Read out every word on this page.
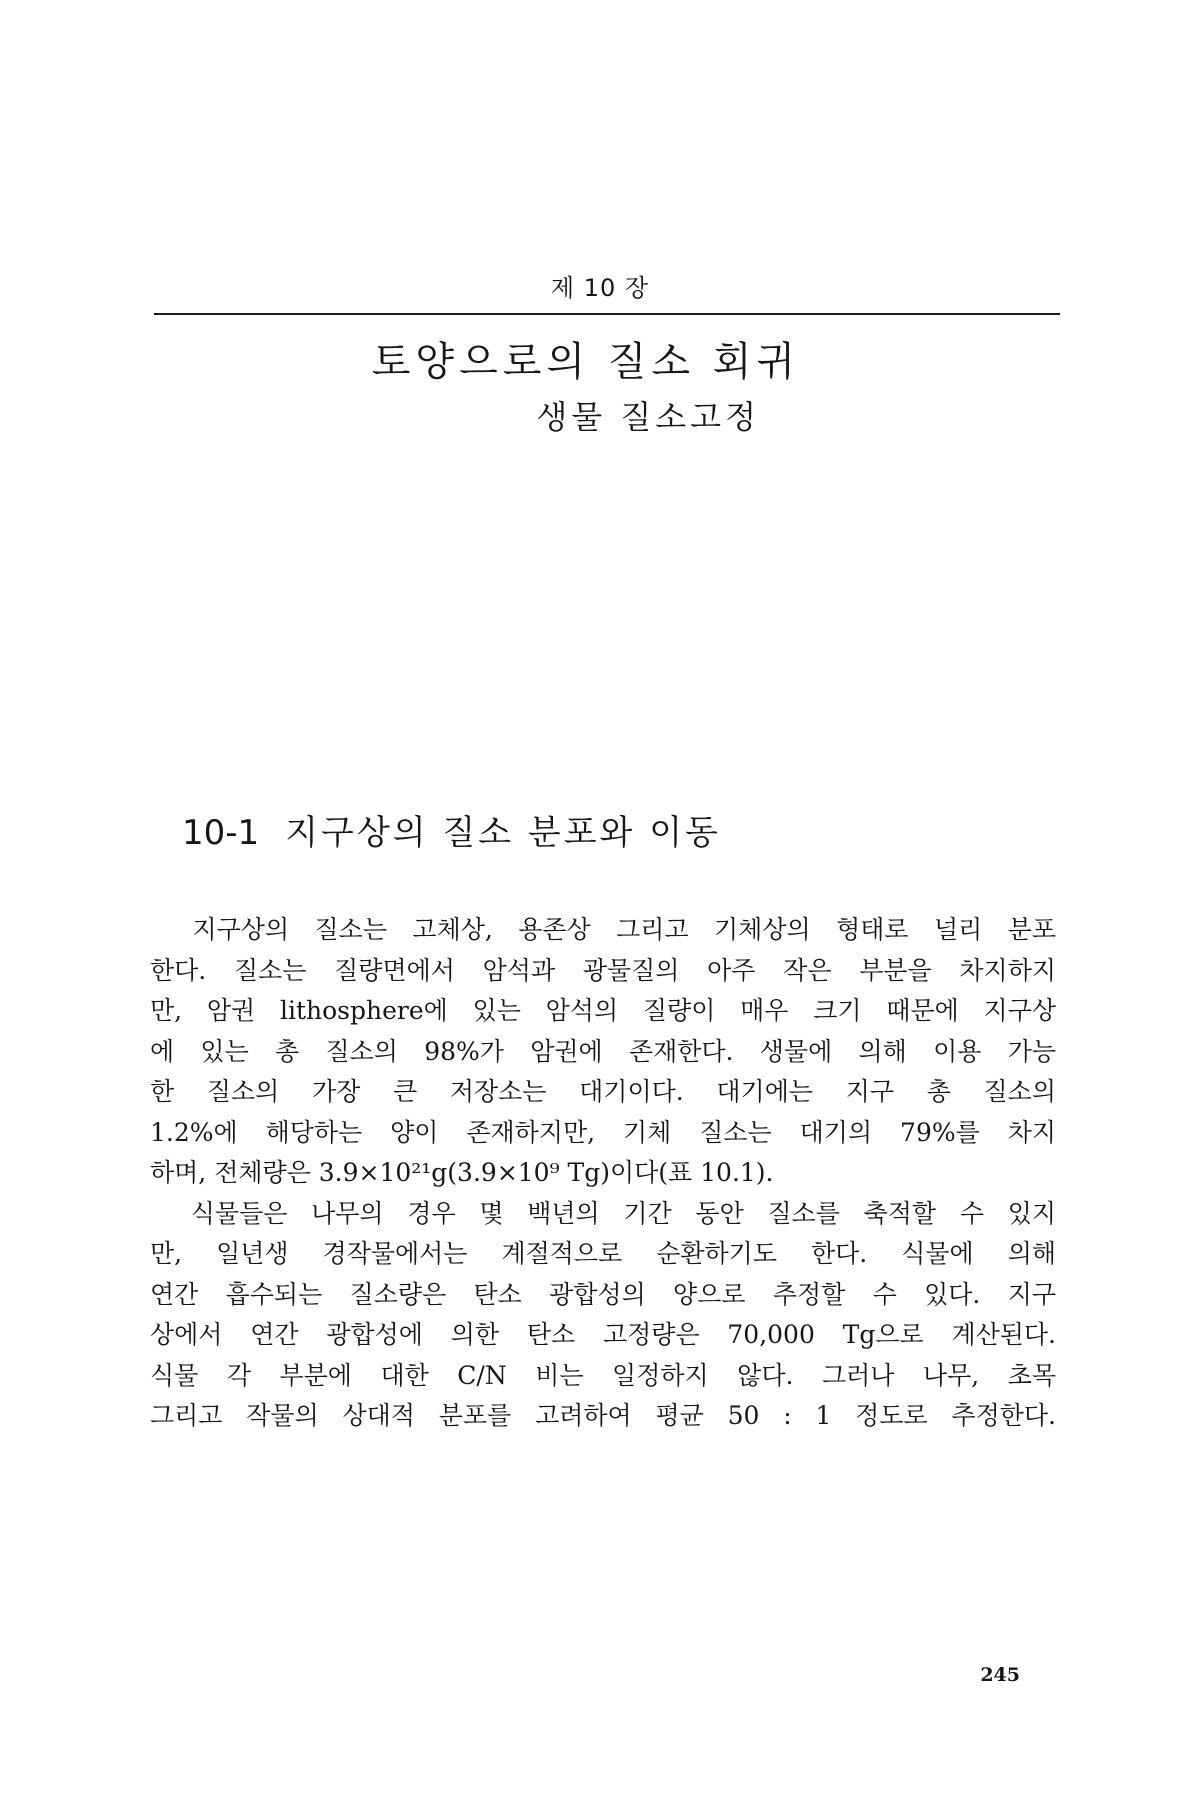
제 10 장
토양으로의 질소 회귀
생물 질소고정
10-1 지구상의 질소 분포와 이동
　지구상의 질소는 고체상, 용존상 그리고 기체상의 형태로 널리 분포
한다. 질소는 질량면에서 암석과 광물질의 아주 작은 부분을 차지하지
만, 암권 lithosphere에 있는 암석의 질량이 매우 크기 때문에 지구상
에 있는 총 질소의 98%가 암권에 존재한다. 생물에 의해 이용 가능
한 질소의 가장 큰 저장소는 대기이다. 대기에는 지구 총 질소의
1.2%에 해당하는 양이 존재하지만, 기체 질소는 대기의 79%를 차지
하며, 전체량은 3.9×10²¹g(3.9×10⁹ Tg)이다(표 10.1).
　식물들은 나무의 경우 몇 백년의 기간 동안 질소를 축적할 수 있지
만, 일년생 경작물에서는 계절적으로 순환하기도 한다. 식물에 의해
연간 흡수되는 질소량은 탄소 광합성의 양으로 추정할 수 있다. 지구
상에서 연간 광합성에 의한 탄소 고정량은 70,000 Tg으로 계산된다.
식물 각 부분에 대한 C/N 비는 일정하지 않다. 그러나 나무, 초목
그리고 작물의 상대적 분포를 고려하여 평균 50 : 1 정도로 추정한다.
245
